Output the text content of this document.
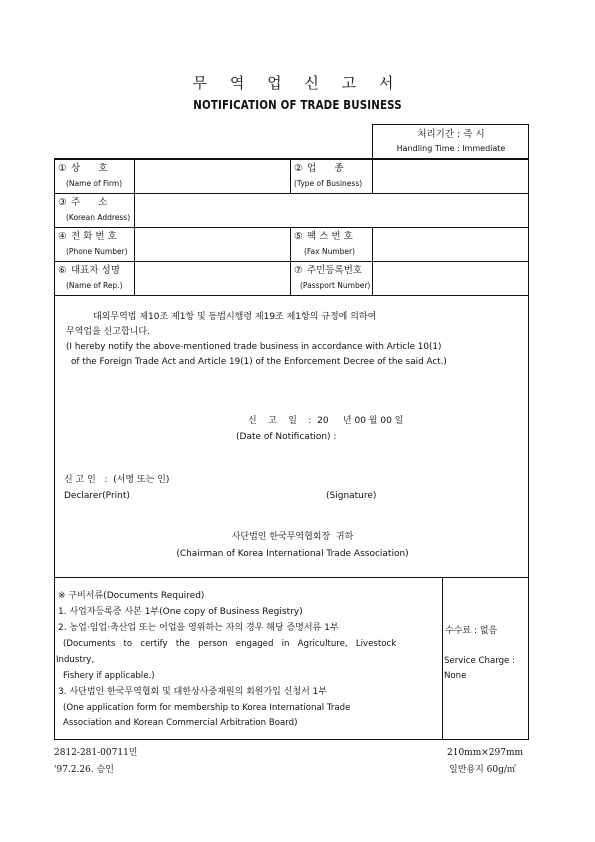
무 역 업 신 고 서
NOTIFICATION OF TRADE BUSINESS
처리기간 : 즉 시
Handling Time : Immediate
① 상      호
(Name of Firm)
② 업      종
(Type of Business)
③ 주      소
(Korean Address)
④ 전 화 번 호
(Phone Number)
⑤ 팩 스 번 호
(Fax Number)
⑥ 대표자 성명
(Name of Rep.)
⑦ 주민등록번호
(Passport Number)
대외무역법 제10조 제1항 및 동법시행령 제19조 제1항의 규정에 의하여
무역업을 신고합니다.
(I hereby notify the above-mentioned trade business in accordance with Article 10(1)
of the Foreign Trade Act and Article 19(1) of the Enforcement Decree of the said Act.)
신    고    일    :  20     년 00 월 00 일
(Date of Notification) :
신 고 인   :  (서명 또는 인)
Declarer(Print)	(Signature)
사단법인 한국무역협회장  귀하
(Chairman of Korea International Trade Association)
※ 구비서류(Documents Required)
1. 사업자등록증 사본 1부(One copy of Business Registry)
2. 농업·임업·축산업 또는 어업을 영위하는 자의 경우 해당 증명서류 1부
(Documents   to   certify   the   person   engaged   in   Agriculture,   Livestock
Industry,
Fishery if applicable.)
3. 사단법인 한국무역협회 및 대한상사중재원의 회원가입 신청서 1부
(One application form for membership to Korea International Trade
Association and Korean Commercial Arbitration Board)
수수료 : 없음
Service Charge :
None
2812-281-00711민
'97.2.26. 승인
210mm×297mm
일반용지 60g/㎡
